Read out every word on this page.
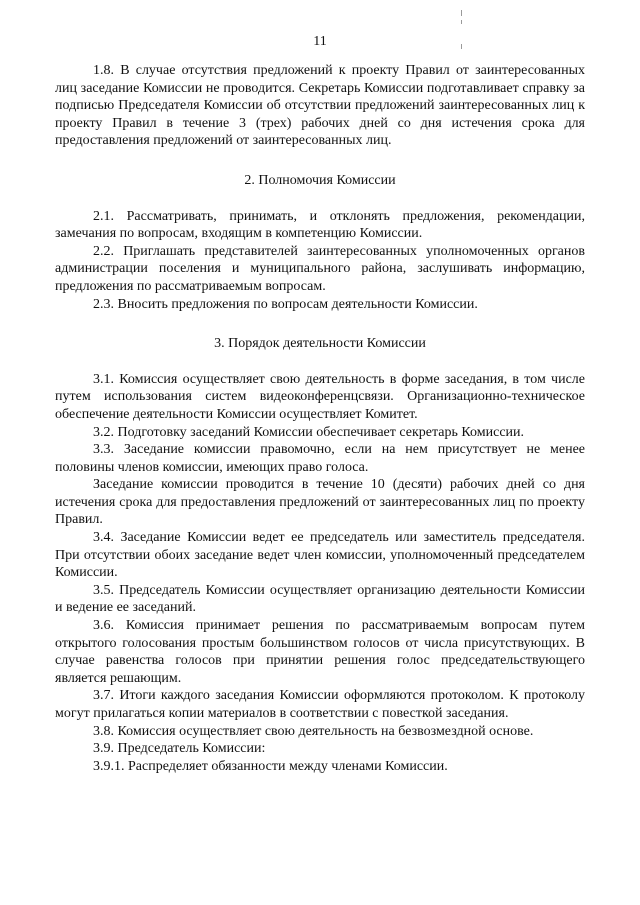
11

1.8. В случае отсутствия предложений к проекту Правил от заинтересованных лиц заседание Комиссии не проводится. Секретарь Комиссии подготавливает справку за подписью Председателя Комиссии об отсутствии предложений заинтересованных лиц к проекту Правил в течение 3 (трех) рабочих дней со дня истечения срока для предоставления предложений от заинтересованных лиц.

2. Полномочия Комиссии

2.1. Рассматривать, принимать, и отклонять предложения, рекомендации, замечания по вопросам, входящим в компетенцию Комиссии.

2.2. Приглашать представителей заинтересованных уполномоченных органов администрации поселения и муниципального района, заслушивать информацию, предложения по рассматриваемым вопросам.

2.3. Вносить предложения по вопросам деятельности Комиссии.

3. Порядок деятельности Комиссии

3.1. Комиссия осуществляет свою деятельность в форме заседания, в том числе путем использования систем видеоконференцсвязи. Организационно-техническое обеспечение деятельности Комиссии осуществляет Комитет.

3.2. Подготовку заседаний Комиссии обеспечивает секретарь Комиссии.

3.3. Заседание комиссии правомочно, если на нем присутствует не менее половины членов комиссии, имеющих право голоса.

Заседание комиссии проводится в течение 10 (десяти) рабочих дней со дня истечения срока для предоставления предложений от заинтересованных лиц по проекту Правил.

3.4. Заседание Комиссии ведет ее председатель или заместитель председателя. При отсутствии обоих заседание ведет член комиссии, уполномоченный председателем Комиссии.

3.5. Председатель Комиссии осуществляет организацию деятельности Комиссии и ведение ее заседаний.

3.6. Комиссия принимает решения по рассматриваемым вопросам путем открытого голосования простым большинством голосов от числа присутствующих. В случае равенства голосов при принятии решения голос председательствующего является решающим.

3.7. Итоги каждого заседания Комиссии оформляются протоколом. К протоколу могут прилагаться копии материалов в соответствии с повесткой заседания.

3.8. Комиссия осуществляет свою деятельность на безвозмездной основе.

3.9. Председатель Комиссии:

3.9.1. Распределяет обязанности между членами Комиссии.
